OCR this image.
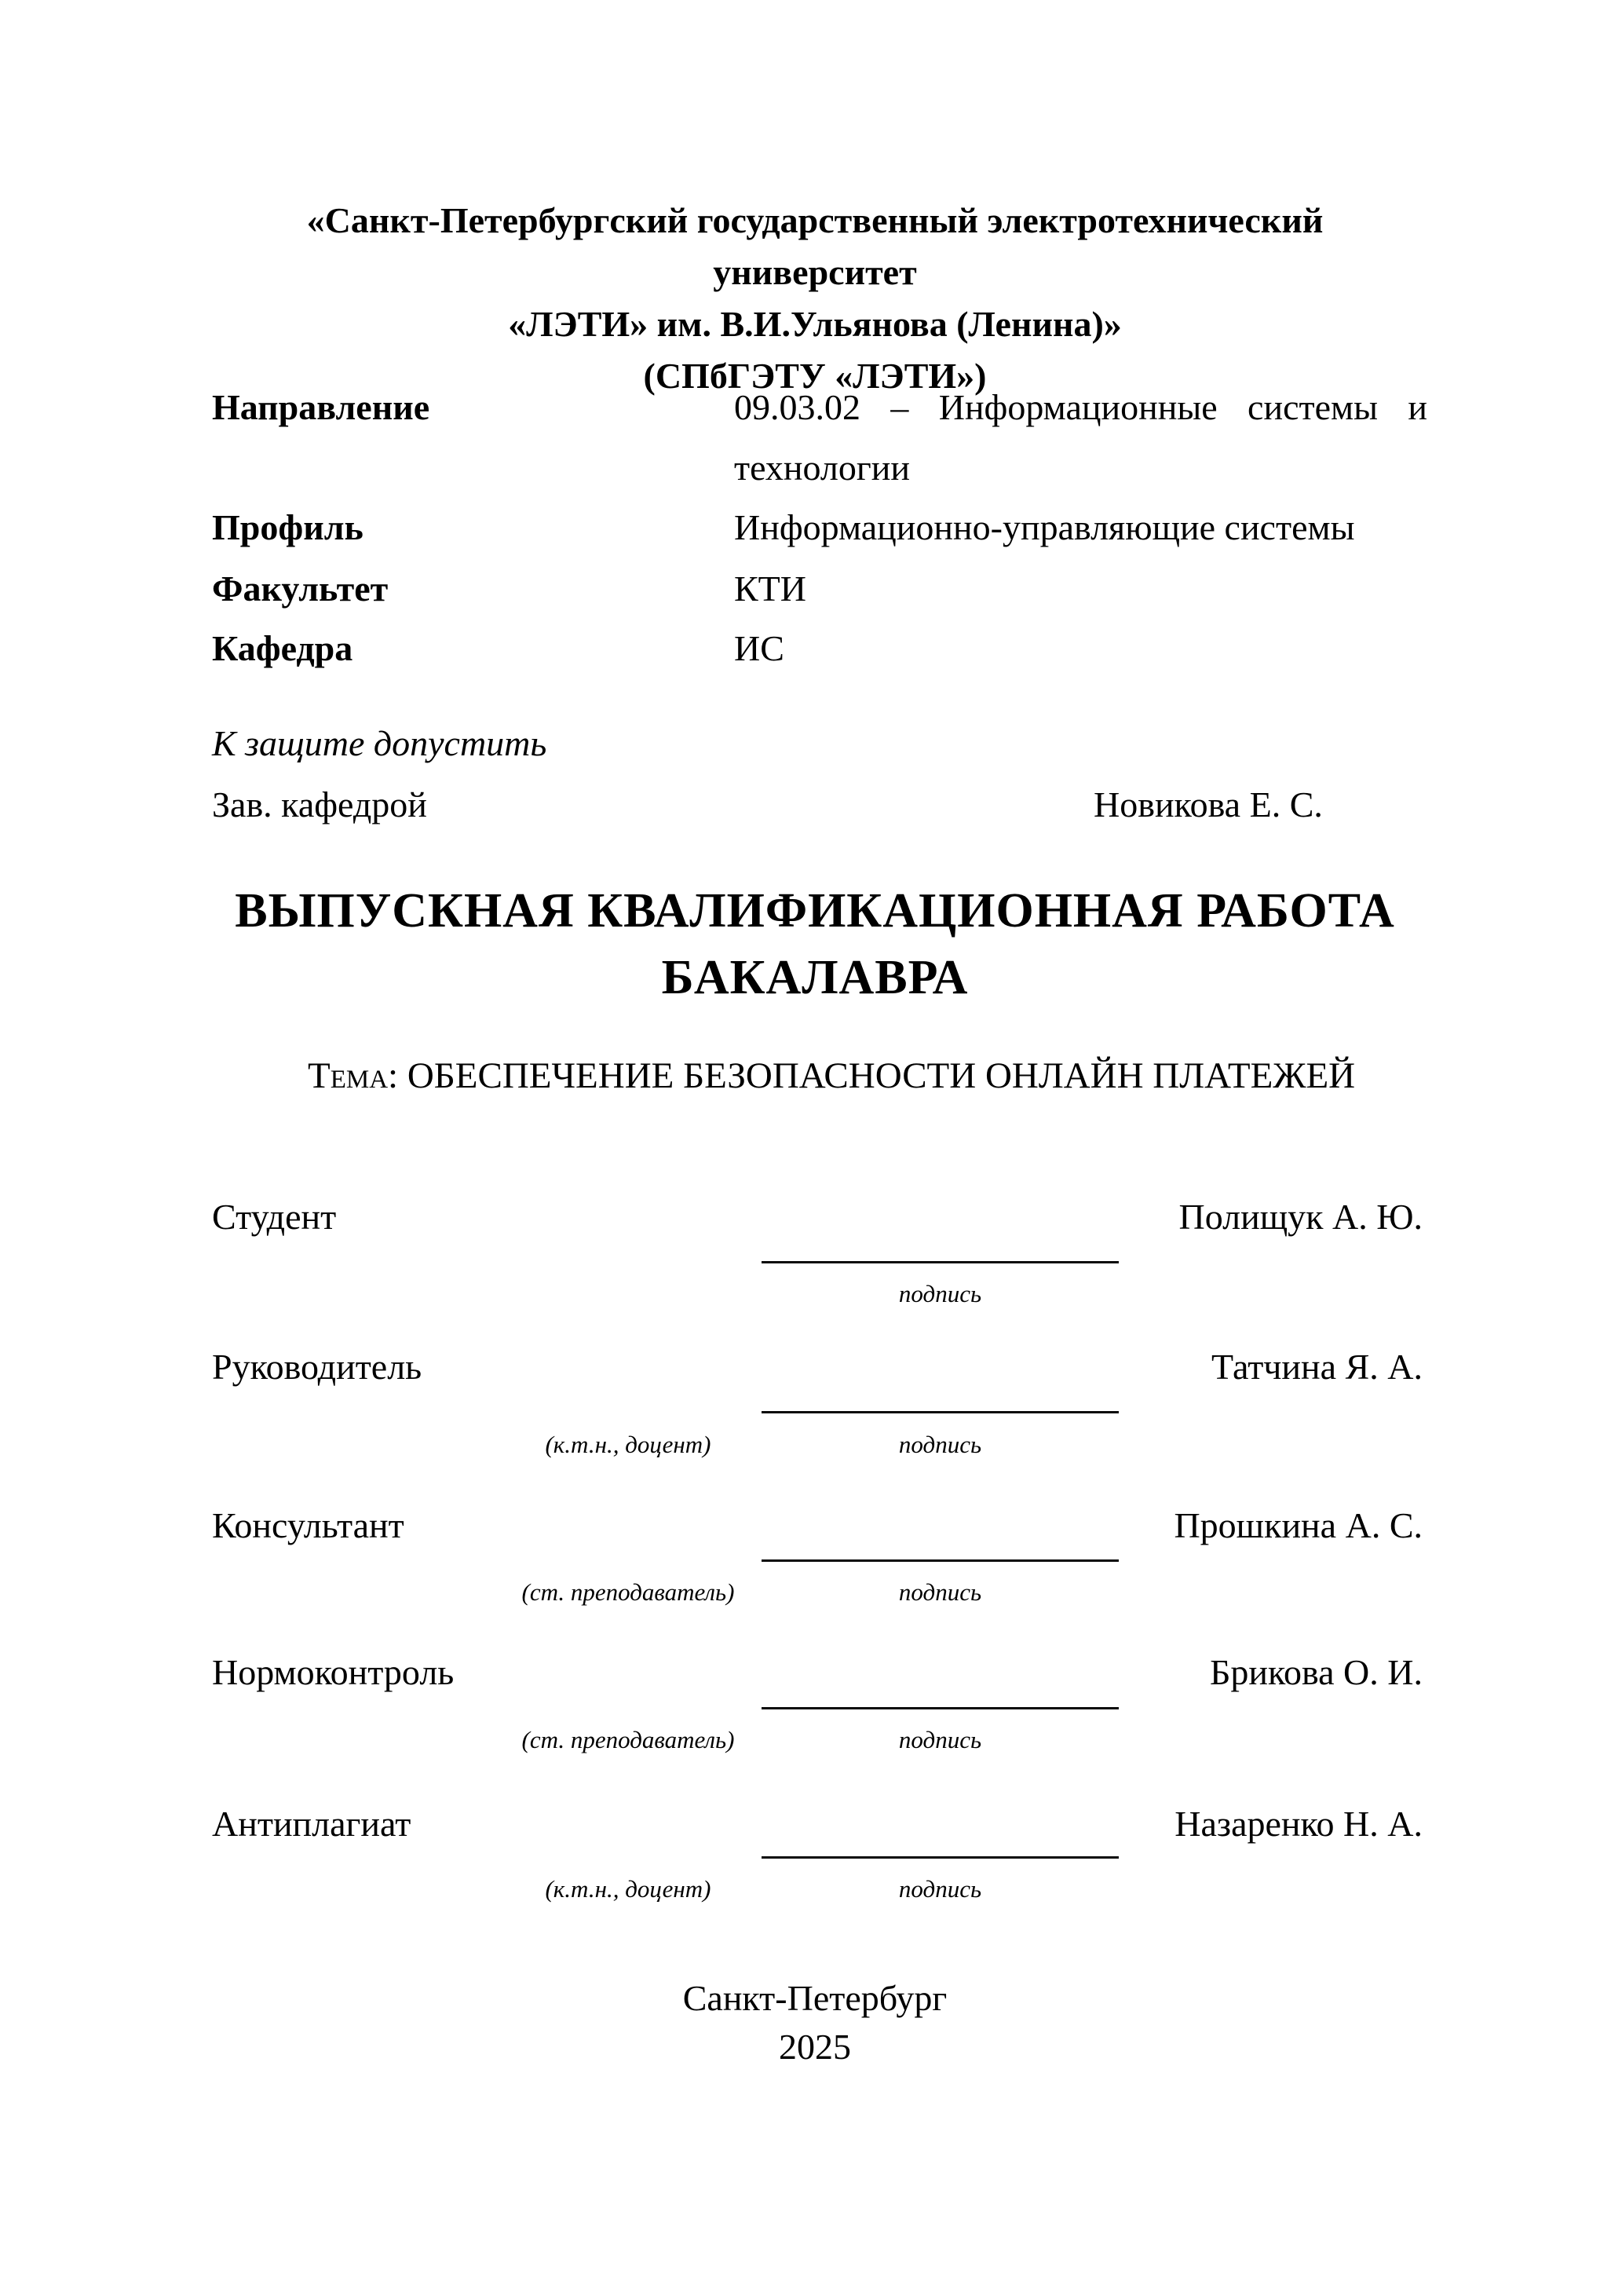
«Санкт-Петербургский государственный электротехнический университет
«ЛЭТИ» им. В.И.Ульянова (Ленина)»
(СПбГЭТУ «ЛЭТИ»)
Направление	09.03.02 – Информационные системы и
технологии
Профиль	Информационно-управляющие системы
Факультет	КТИ
Кафедра	ИС
К защите допустить
Зав. кафедрой	Новикова Е. С.
ВЫПУСКНАЯ КВАЛИФИКАЦИОННАЯ РАБОТА
БАКАЛАВРА
Тема: ОБЕСПЕЧЕНИЕ БЕЗОПАСНОСТИ ОНЛАЙН ПЛАТЕЖЕЙ
Студент	Полищук А. Ю.
подпись
Руководитель	Татчина Я. А.
(к.т.н., доцент)	подпись
Консультант	Прошкина А. С.
(ст. преподаватель)	подпись
Нормоконтроль	Брикова О. И.
(ст. преподаватель)	подпись
Антиплагиат	Назаренко Н. А.
(к.т.н., доцент)	подпись
Санкт-Петербург
2025
